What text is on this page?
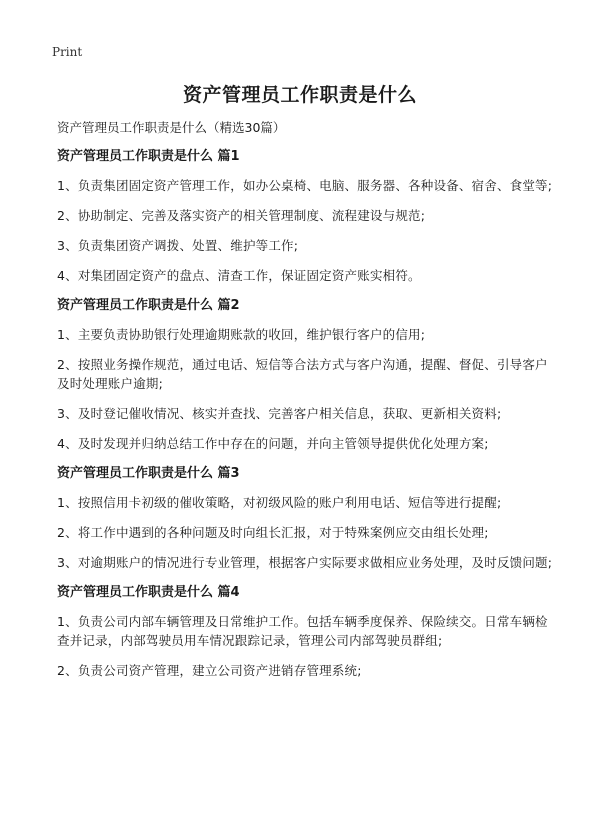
Print
资产管理员工作职责是什么
资产管理员工作职责是什么（精选30篇）
资产管理员工作职责是什么 篇1
1、负责集团固定资产管理工作，如办公桌椅、电脑、服务器、各种设备、宿舍、食堂等;
2、协助制定、完善及落实资产的相关管理制度、流程建设与规范;
3、负责集团资产调拨、处置、维护等工作;
4、对集团固定资产的盘点、清查工作，保证固定资产账实相符。
资产管理员工作职责是什么 篇2
1、主要负责协助银行处理逾期账款的收回，维护银行客户的信用;
2、按照业务操作规范，通过电话、短信等合法方式与客户沟通，提醒、督促、引导客户及时处理账户逾期;
3、及时登记催收情况、核实并查找、完善客户相关信息，获取、更新相关资料;
4、及时发现并归纳总结工作中存在的问题，并向主管领导提供优化处理方案;
资产管理员工作职责是什么 篇3
1、按照信用卡初级的催收策略，对初级风险的账户利用电话、短信等进行提醒;
2、将工作中遇到的各种问题及时向组长汇报，对于特殊案例应交由组长处理;
3、对逾期账户的情况进行专业管理，根据客户实际要求做相应业务处理，及时反馈问题;
资产管理员工作职责是什么 篇4
1、负责公司内部车辆管理及日常维护工作。包括车辆季度保养、保险续交。日常车辆检查并记录，内部驾驶员用车情况跟踪记录，管理公司内部驾驶员群组;
2、负责公司资产管理，建立公司资产进销存管理系统;
